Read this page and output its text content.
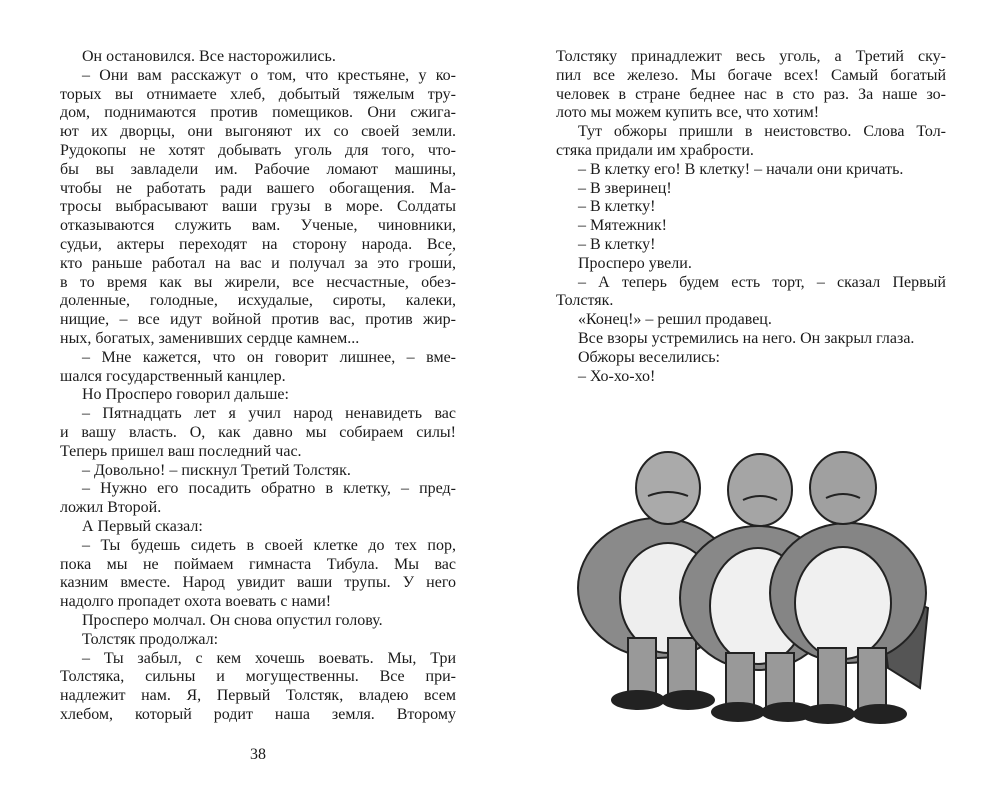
Он остановился. Все насторожились.
– Они вам расскажут о том, что крестьяне, у ко-
торых вы отнимаете хлеб, добытый тяжелым тру-
дом, поднимаются против помещиков. Они сжига-
ют их дворцы, они выгоняют их со своей земли.
Рудокопы не хотят добывать уголь для того, что-
бы вы завладели им. Рабочие ломают машины,
чтобы не работать ради вашего обогащения. Ма-
тросы выбрасывают ваши грузы в море. Солдаты
отказываются служить вам. Ученые, чиновники,
судьи, актеры переходят на сторону народа. Все,
кто раньше работал на вас и получал за это гроши́,
в то время как вы жирели, все несчастные, обез-
доленные, голодные, исхудалые, сироты, калеки,
нищие, – все идут войной против вас, против жир-
ных, богатых, заменивших сердце камнем...
– Мне кажется, что он говорит лишнее, – вме-
шался государственный канцлер.
Но Просперо говорил дальше:
– Пятнадцать лет я учил народ ненавидеть вас
и вашу власть. О, как давно мы собираем силы!
Теперь пришел ваш последний час.
– Довольно! – пискнул Третий Толстяк.
– Нужно его посадить обратно в клетку, – пред-
ложил Второй.
А Первый сказал:
– Ты будешь сидеть в своей клетке до тех пор,
пока мы не поймаем гимнаста Тибула. Мы вас
казним вместе. Народ увидит ваши трупы. У него
надолго пропадет охота воевать с нами!
Просперо молчал. Он снова опустил голову.
Толстяк продолжал:
– Ты забыл, с кем хочешь воевать. Мы, Три
Толстяка, сильны и могущественны. Все при-
надлежит нам. Я, Первый Толстяк, владею всем
хлебом, который родит наша земля. Второму
38
Толстяку принадлежит весь уголь, а Третий ску-
пил все железо. Мы богаче всех! Самый богатый
человек в стране беднее нас в сто раз. За наше зо-
лото мы можем купить все, что хотим!
Тут обжоры пришли в неистовство. Слова Тол-
стяка придали им храбрости.
– В клетку его! В клетку! – начали они кричать.
– В зверинец!
– В клетку!
– Мятежник!
– В клетку!
Просперо увели.
– А теперь будем есть торт, – сказал Первый
Толстяк.
«Конец!» – решил продавец.
Все взоры устремились на него. Он закрыл глаза.
Обжоры веселились:
– Хо-хо-хо!
